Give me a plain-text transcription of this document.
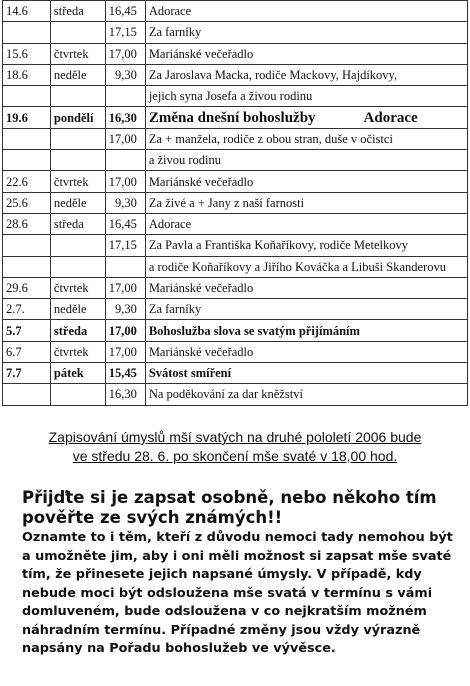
14.6	středa	16,45	Adorace
		17,15	Za farníky
15.6	čtvrtek	17,00	Mariánské večeřadlo
18.6	neděle	9,30	Za Jaroslava Macka, rodiče Mackovy, Hajdíkovy,
			jejich syna Josefa a živou rodinu
19.6	pondělí	16,30	Změna dnešní bohoslužby Adorace
		17,00	Za + manžela, rodiče z obou stran, duše v očistci
			a živou rodinu
22.6	čtvrtek	17,00	Mariánské večeřadlo
25.6	neděle	9,30	Za živé a + Jany z naší farnosti
28.6	středa	16,45	Adorace
		17,15	Za Pavla a Františka Koňaříkovy, rodiče Metelkovy
			a rodiče Koňaříkovy a Jiřího Kováčka a Libuši Skanderovu
29.6	čtvrtek	17,00	Mariánské večeřadlo
2.7.	neděle	9,30	Za farníky
5.7	středa	17,00	Bohoslužba slova se svatým přijímáním
6.7	čtvrtek	17,00	Mariánské večeřadlo
7.7	pátek	15,45	Svátost smíření
		16,30	Na poděkování za dar kněžství
Zapisování úmyslů mší svatých na druhé pololetí 2006 bude
ve středu 28. 6. po skončení mše svaté v 18,00 hod.
Přijďte si je zapsat osobně, nebo někoho tím
pověřte ze svých známých!!
Oznamte to i těm, kteří z důvodu nemoci tady nemohou být
a umožněte jim, aby i oni měli možnost si zapsat mše svaté
tím, že přinesete jejich napsané úmysly. V případě, kdy
nebude moci být odsloužena mše svatá v termínu s vámi
domluveném, bude odsloužena v co nejkratším možném
náhradním termínu. Případné změny jsou vždy výrazně
napsány na Pořadu bohoslužeb ve vývěsce.
